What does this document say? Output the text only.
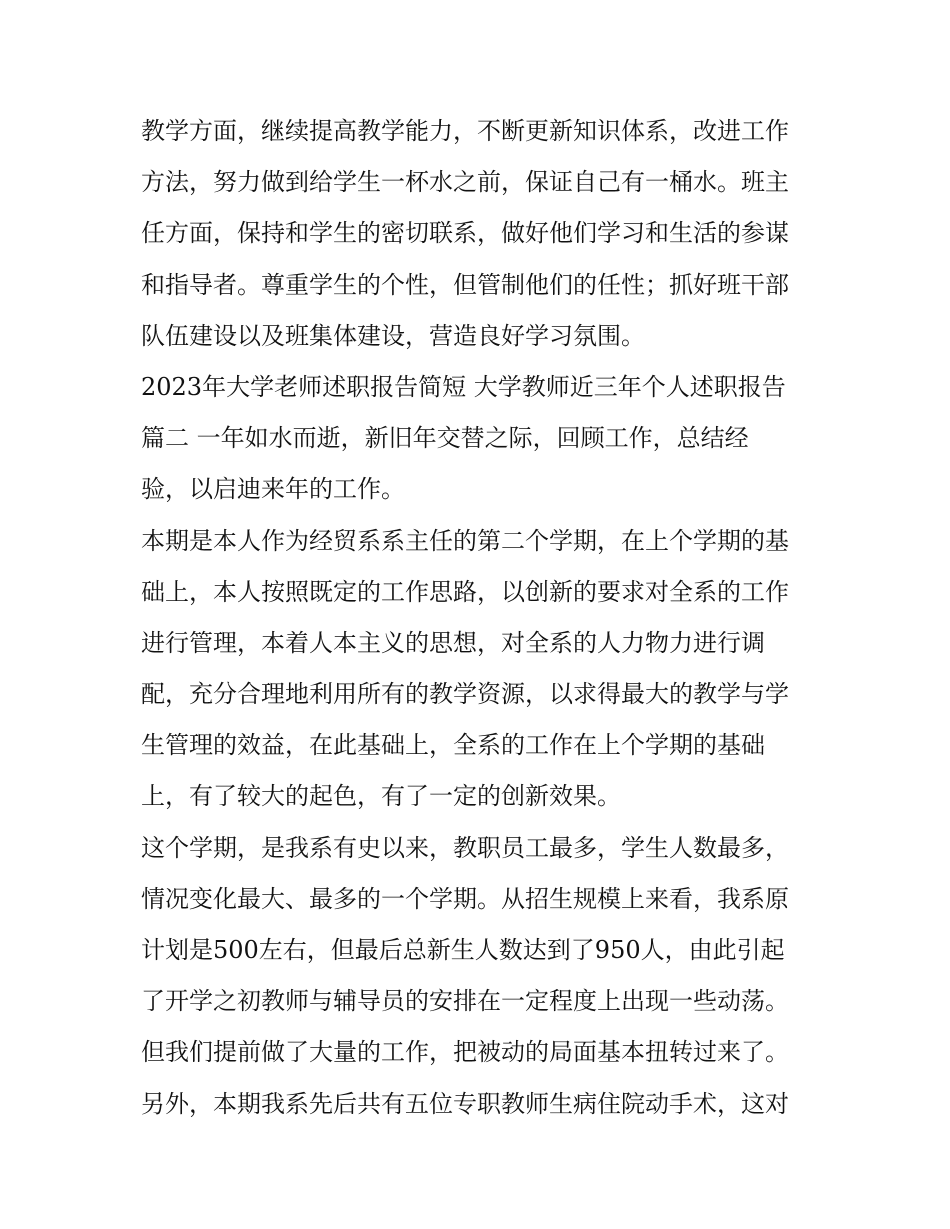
教学方面，继续提高教学能力，不断更新知识体系，改进工作
方法，努力做到给学生一杯水之前，保证自己有一桶水。班主
任方面，保持和学生的密切联系，做好他们学习和生活的参谋
和指导者。尊重学生的个性，但管制他们的任性；抓好班干部
队伍建设以及班集体建设，营造良好学习氛围。
2023年大学老师述职报告简短 大学教师近三年个人述职报告
篇二 一年如水而逝，新旧年交替之际，回顾工作，总结经
验，以启迪来年的工作。
本期是本人作为经贸系系主任的第二个学期，在上个学期的基
础上，本人按照既定的工作思路，以创新的要求对全系的工作
进行管理，本着人本主义的思想，对全系的人力物力进行调
配，充分合理地利用所有的教学资源，以求得最大的教学与学
生管理的效益，在此基础上，全系的工作在上个学期的基础
上，有了较大的起色，有了一定的创新效果。
这个学期，是我系有史以来，教职员工最多，学生人数最多，
情况变化最大、最多的一个学期。从招生规模上来看，我系原
计划是500左右，但最后总新生人数达到了950人，由此引起
了开学之初教师与辅导员的安排在一定程度上出现一些动荡。
但我们提前做了大量的工作，把被动的局面基本扭转过来了。
另外，本期我系先后共有五位专职教师生病住院动手术，这对
